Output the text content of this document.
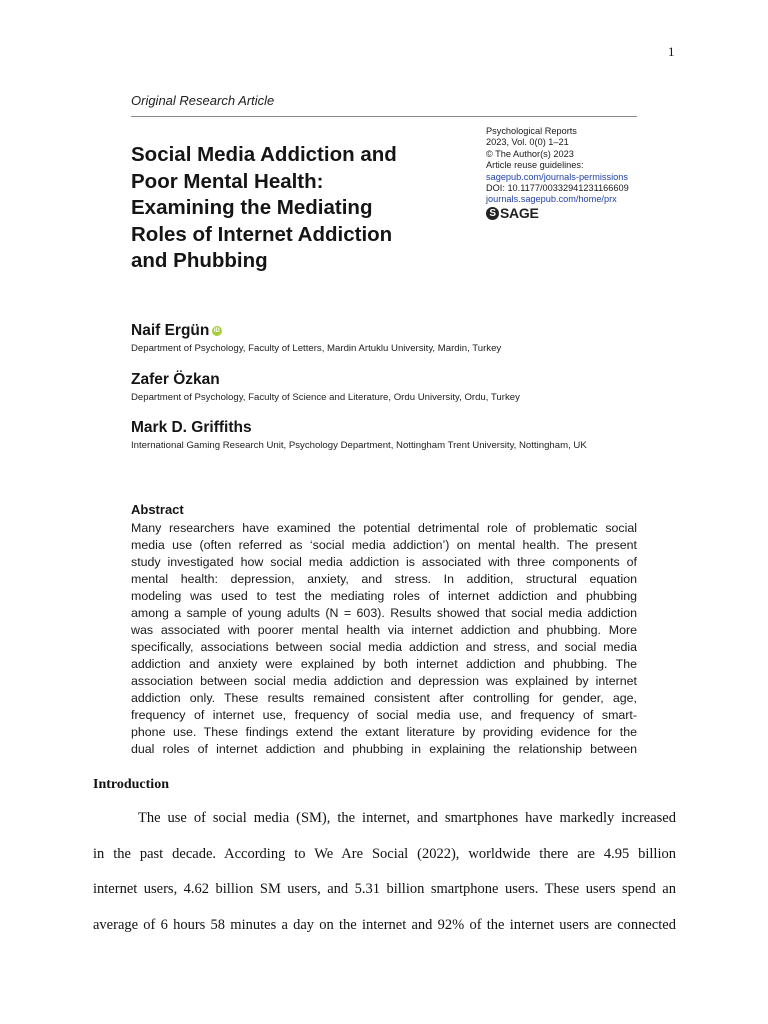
1
Original Research Article
Social Media Addiction and
Poor Mental Health:
Examining the Mediating
Roles of Internet Addiction
and Phubbing
Psychological Reports
2023, Vol. 0(0) 1–21
© The Author(s) 2023
Article reuse guidelines:
sagepub.com/journals-permissions
DOI: 10.1177/00332941231166609
journals.sagepub.com/home/prx
S SAGE
Naif Ergün
iD
Department of Psychology, Faculty of Letters, Mardin Artuklu University, Mardin, Turkey
Zafer Özkan
Department of Psychology, Faculty of Science and Literature, Ordu University, Ordu, Turkey
Mark D. Griffiths
International Gaming Research Unit, Psychology Department, Nottingham Trent University, Nottingham, UK
Abstract
Many researchers have examined the potential detrimental role of problematic social
media use (often referred as ‘social media addiction’) on mental health. The present
study investigated how social media addiction is associated with three components of
mental health: depression, anxiety, and stress. In addition, structural equation
modeling was used to test the mediating roles of internet addiction and phubbing
among a sample of young adults (N = 603). Results showed that social media addiction
was associated with poorer mental health via internet addiction and phubbing. More
specifically, associations between social media addiction and stress, and social media
addiction and anxiety were explained by both internet addiction and phubbing. The
association between social media addiction and depression was explained by internet
addiction only. These results remained consistent after controlling for gender, age,
frequency of internet use, frequency of social media use, and frequency of smart-
phone use. These findings extend the extant literature by providing evidence for the
dual roles of internet addiction and phubbing in explaining the relationship between
Introduction
The use of social media (SM), the internet, and smartphones have markedly increased
in the past decade. According to We Are Social (2022), worldwide there are 4.95 billion
internet users, 4.62 billion SM users, and 5.31 billion smartphone users. These users spend an
average of 6 hours 58 minutes a day on the internet and 92% of the internet users are connected
